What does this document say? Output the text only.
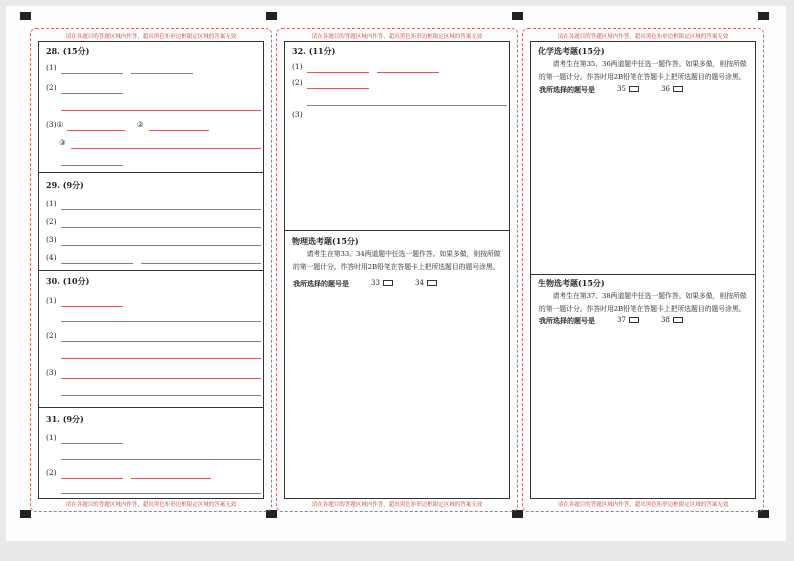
请在各题目的答题区域内作答，超出黑色矩形边框限定区域的答案无效
请在各题目的答题区域内作答，超出黑色矩形边框限定区域的答案无效
28. (15分)
(1)
(2)
(3)①	②
③
29. (9分)
(1)
(2)
(3)
(4)
30. (10分)
(1)
(2)
(3)
31. (9分)
(1)
(2)
请在各题目的答题区域内作答，超出黑色矩形边框限定区域的答案无效
请在各题目的答题区域内作答，超出黑色矩形边框限定区域的答案无效
32. (11分)
(1)
(2)
(3)
物理选考题(15分)
请考生在第33、34两道题中任选一题作答。如果多做，则按所做的第一题计分。作答时用2B铅笔在答题卡上把所选题目的题号涂黑。
我所选择的题号是	33	34
请在各题目的答题区域内作答，超出黑色矩形边框限定区域的答案无效
请在各题目的答题区域内作答，超出黑色矩形边框限定区域的答案无效
化学选考题(15分)
请考生在第35、36两道题中任选一题作答。如果多做，则按所做的第一题计分。作答时用2B铅笔在答题卡上把所选题目的题号涂黑。
我所选择的题号是	35	36
生物选考题(15分)
请考生在第37、38两道题中任选一题作答。如果多做，则按所做的第一题计分。作答时用2B铅笔在答题卡上把所选题目的题号涂黑。
我所选择的题号是	37	38
